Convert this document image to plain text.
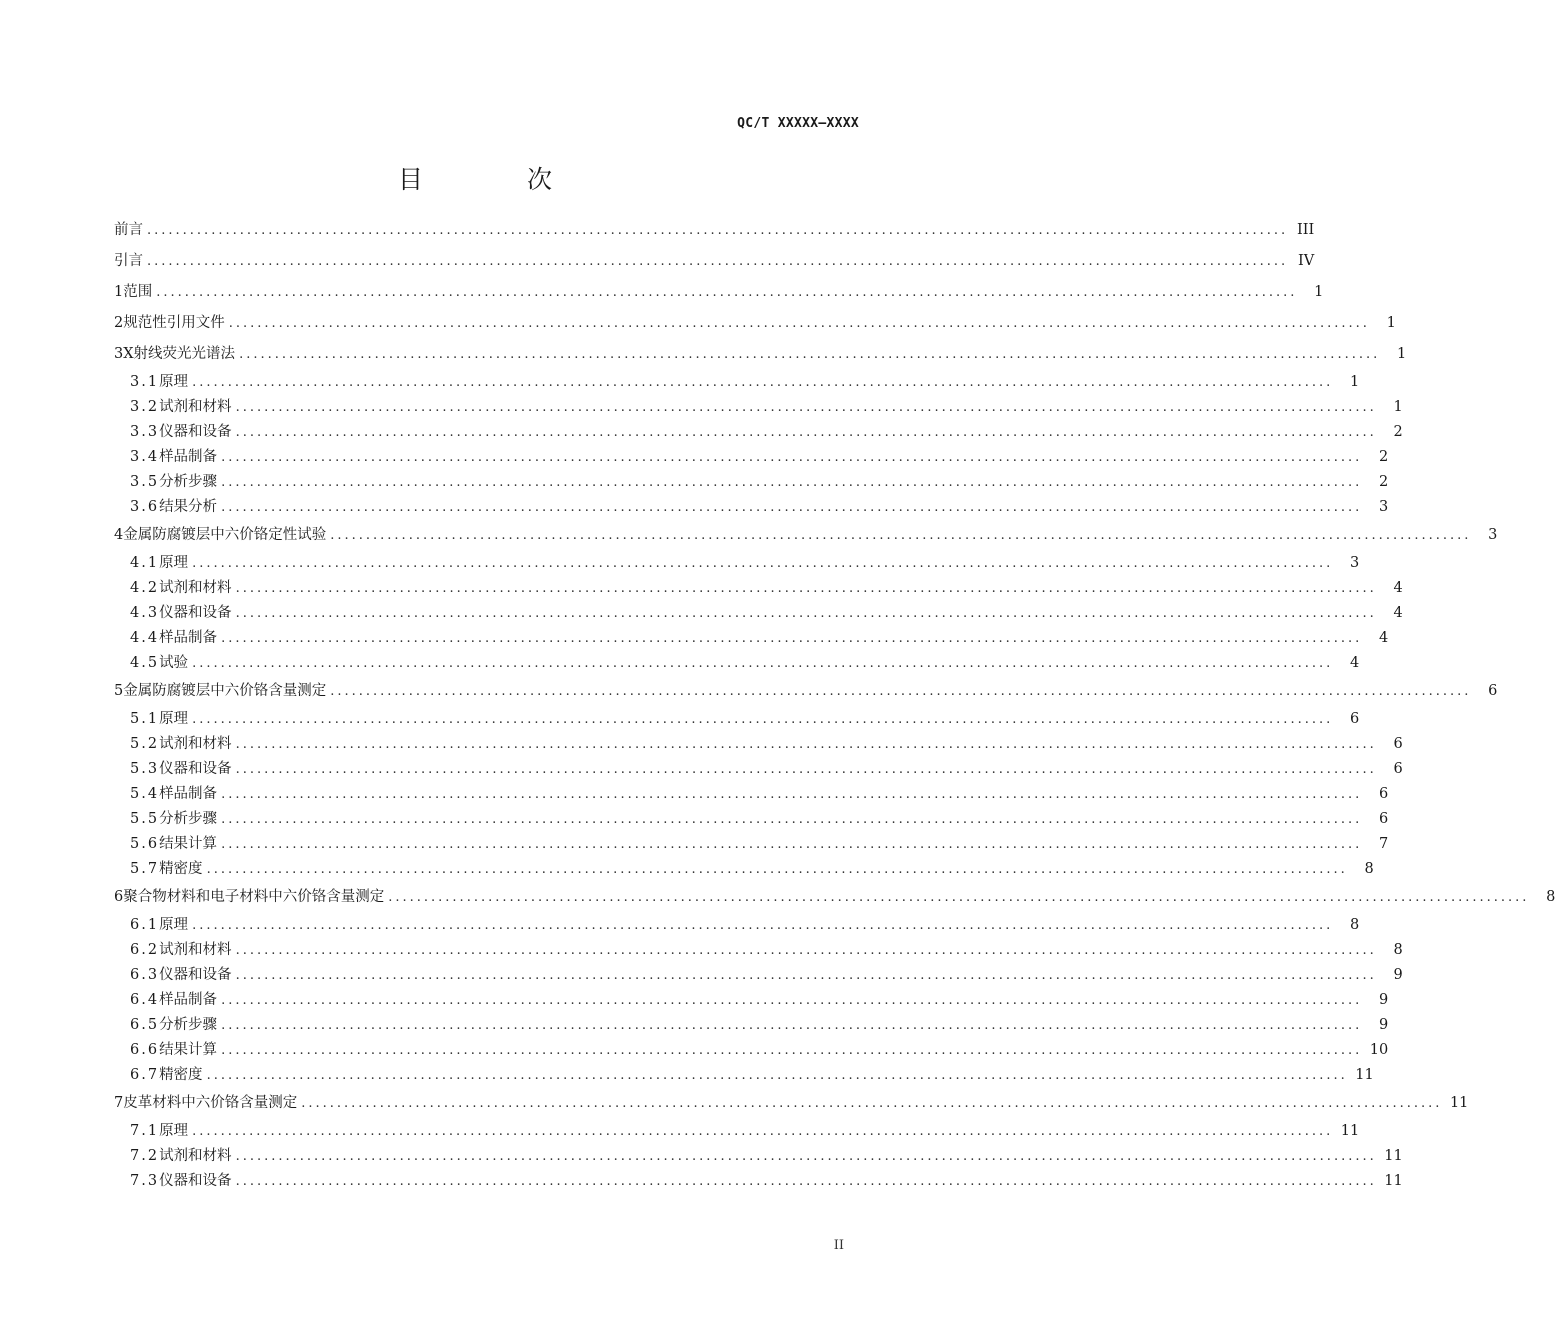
QC/T XXXXX—XXXX
目 次
前言 ................................................................................................................................................................ III
引言 ................................................................................................................................................................ IV
1 范围 ................................................................................................................................................................	1
2 规范性引用文件 ................................................................................................................................................................	1
3 X射线荧光光谱法 ................................................................................................................................................................	1
3.1 原理 ................................................................................................................................................................	1
3.2 试剂和材料 ................................................................................................................................................................	1
3.3 仪器和设备 ................................................................................................................................................................	2
3.4 样品制备 ................................................................................................................................................................	2
3.5 分析步骤 ................................................................................................................................................................	2
3.6 结果分析 ................................................................................................................................................................	3
4 金属防腐镀层中六价铬定性试验 ................................................................................................................................................................	3
4.1 原理 ................................................................................................................................................................	3
4.2 试剂和材料 ................................................................................................................................................................	4
4.3 仪器和设备 ................................................................................................................................................................	4
4.4 样品制备 ................................................................................................................................................................	4
4.5 试验 ................................................................................................................................................................	4
5 金属防腐镀层中六价铬含量测定 ................................................................................................................................................................	6
5.1 原理 ................................................................................................................................................................	6
5.2 试剂和材料 ................................................................................................................................................................	6
5.3 仪器和设备 ................................................................................................................................................................	6
5.4 样品制备 ................................................................................................................................................................	6
5.5 分析步骤 ................................................................................................................................................................	6
5.6 结果计算 ................................................................................................................................................................	7
5.7 精密度 ................................................................................................................................................................	8
6 聚合物材料和电子材料中六价铬含量测定 ................................................................................................................................................................	8
6.1 原理 ................................................................................................................................................................	8
6.2 试剂和材料 ................................................................................................................................................................	8
6.3 仪器和设备 ................................................................................................................................................................	9
6.4 样品制备 ................................................................................................................................................................	9
6.5 分析步骤 ................................................................................................................................................................	9
6.6 结果计算 ................................................................................................................................................................ 10
6.7 精密度 ................................................................................................................................................................ 11
7 皮革材料中六价铬含量测定 ................................................................................................................................................................ 11
7.1 原理 ................................................................................................................................................................ 11
7.2 试剂和材料 ................................................................................................................................................................ 11
7.3 仪器和设备 ................................................................................................................................................................ 11
II
